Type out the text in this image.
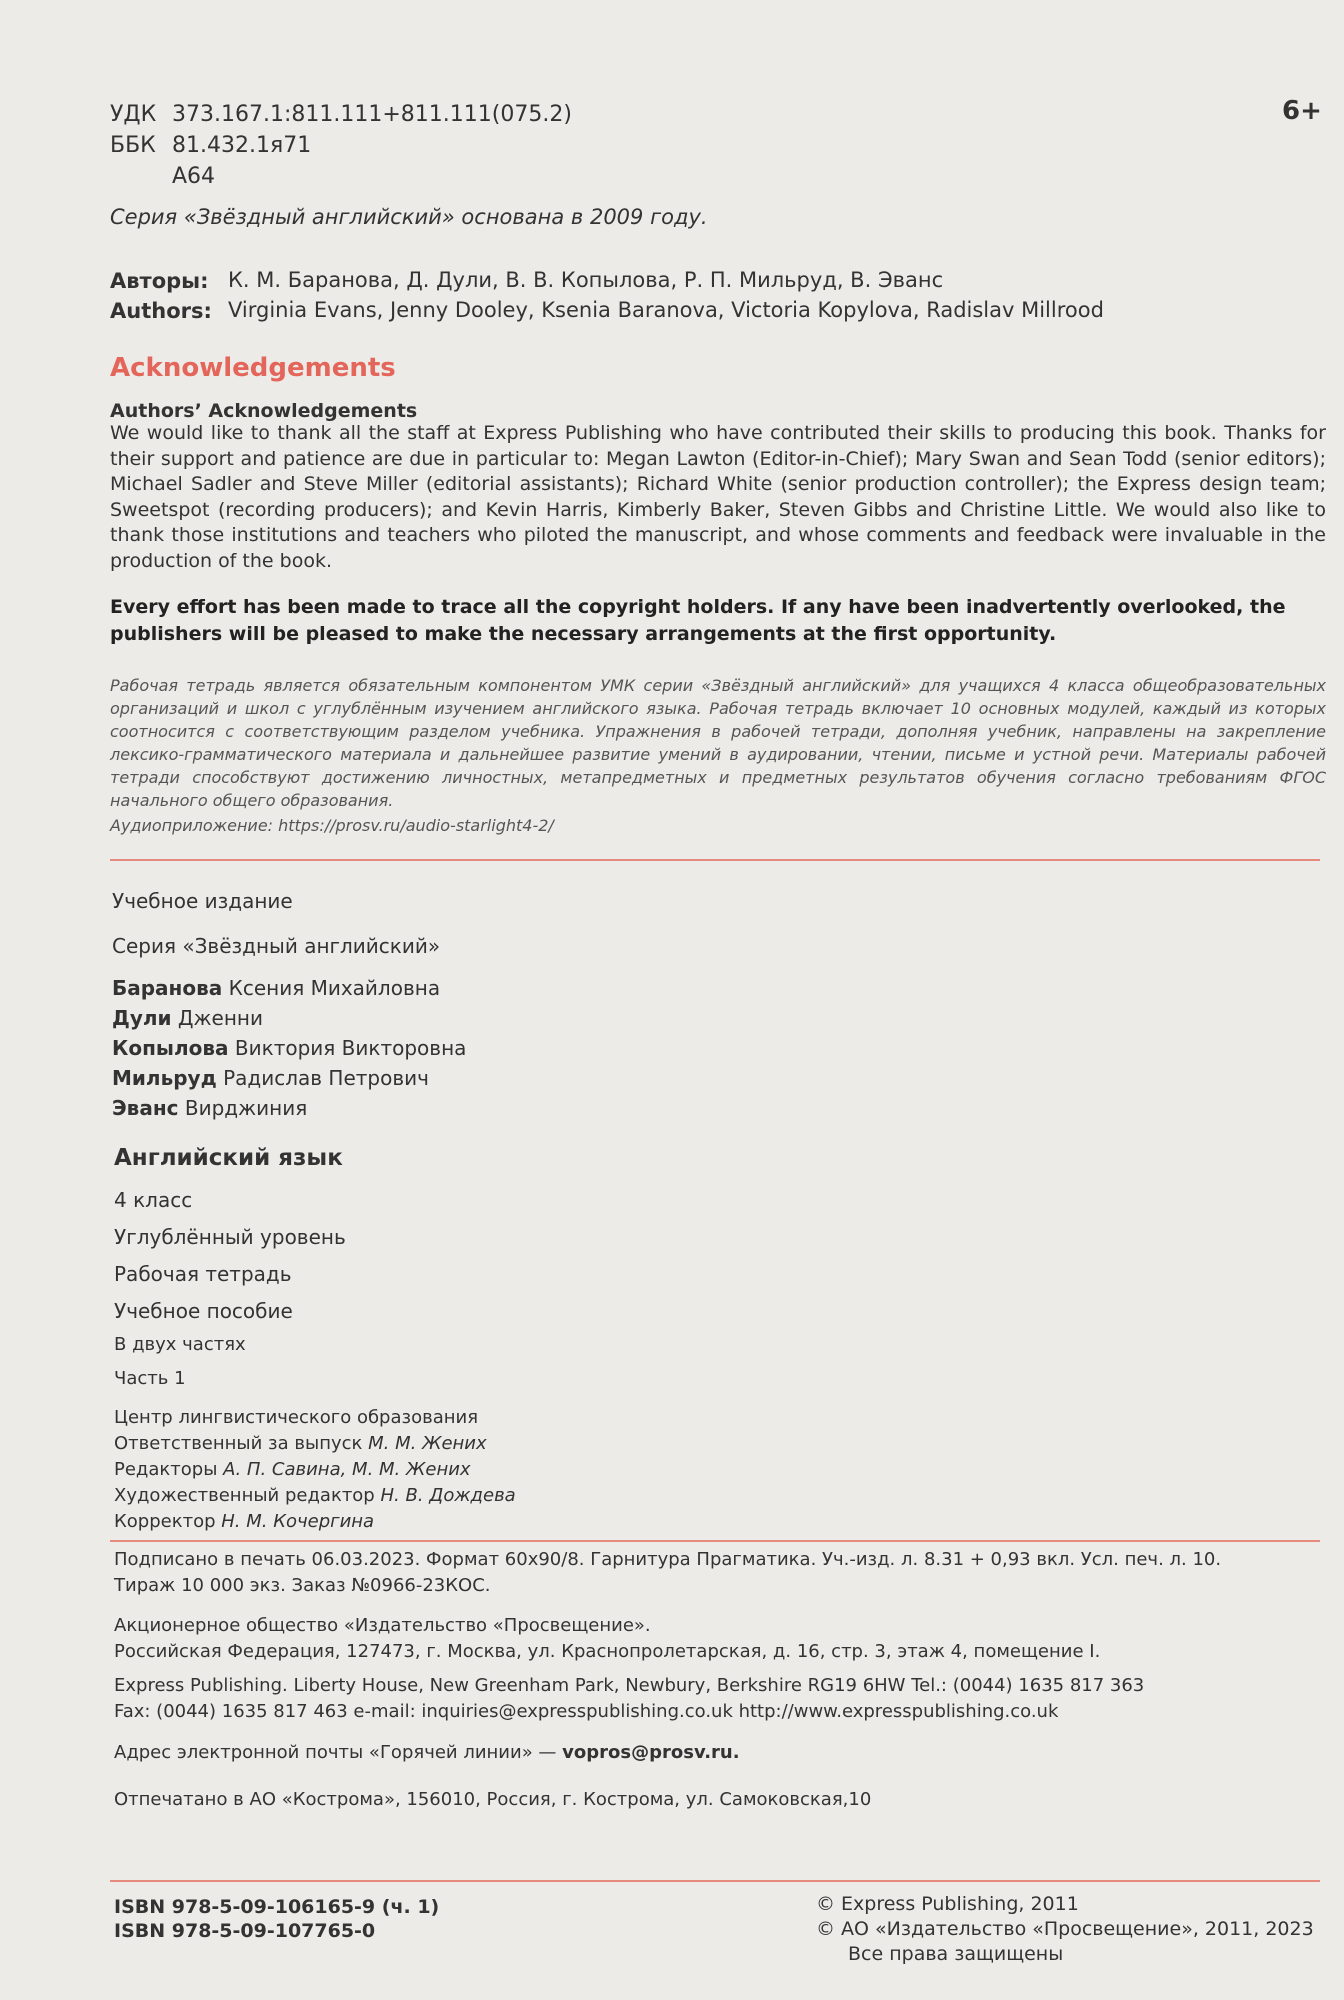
6+
УДК 373.167.1:811.111+811.111(075.2)
ББК 81.432.1я71
А64
Серия «Звёздный английский» основана в 2009 году.
Авторы: К. М. Баранова, Д. Дули, В. В. Копылова, Р. П. Мильруд, В. Эванс
Authors: Virginia Evans, Jenny Dooley, Ksenia Baranova, Victoria Kopylova, Radislav Millrood
Acknowledgements
Authors’ Acknowledgements
We would like to thank all the staff at Express Publishing who have contributed their skills to producing this book. Thanks for their support and patience are due in particular to: Megan Lawton (Editor-in-Chief); Mary Swan and Sean Todd (senior editors); Michael Sadler and Steve Miller (editorial assistants); Richard White (senior production controller); the Express design team; Sweetspot (recording producers); and Kevin Harris, Kimberly Baker, Steven Gibbs and Christine Little. We would also like to thank those institutions and teachers who piloted the manuscript, and whose comments and feedback were invaluable in the production of the book.
Every effort has been made to trace all the copyright holders. If any have been inadvertently overlooked, the publishers will be pleased to make the necessary arrangements at the first opportunity.
Рабочая тетрадь является обязательным компонентом УМК серии «Звёздный английский» для учащихся 4 класса общеобразовательных организаций и школ с углублённым изучением английского языка. Рабочая тетрадь включает 10 основных модулей, каждый из которых соотносится с соответствующим разделом учебника. Упражнения в рабочей тетради, дополняя учебник, направлены на закрепление лексико-грамматического материала и дальнейшее развитие умений в аудировании, чтении, письме и устной речи. Материалы рабочей тетради способствуют достижению личностных, метапредметных и предметных результатов обучения согласно требованиям ФГОС начального общего образования.
Аудиоприложение: https://prosv.ru/audio-starlight4-2/
Учебное издание
Серия «Звёздный английский»
Баранова Ксения Михайловна
Дули Дженни
Копылова Виктория Викторовна
Мильруд Радислав Петрович
Эванс Вирджиния
Английский язык
4 класс
Углублённый уровень
Рабочая тетрадь
Учебное пособие
В двух частях
Часть 1
Центр лингвистического образования
Ответственный за выпуск М. М. Жених
Редакторы А. П. Савина, М. М. Жених
Художественный редактор Н. В. Дождева
Корректор Н. М. Кочергина
Подписано в печать 06.03.2023. Формат 60х90/8. Гарнитура Прагматика. Уч.-изд. л. 8.31 + 0,93 вкл. Усл. печ. л. 10.
Тираж 10 000 экз. Заказ №0966-23КОС.
Акционерное общество «Издательство «Просвещение».
Российская Федерация, 127473, г. Москва, ул. Краснопролетарская, д. 16, стр. 3, этаж 4, помещение I.
Express Publishing. Liberty House, New Greenham Park, Newbury, Berkshire RG19 6HW Tel.: (0044) 1635 817 363
Fax: (0044) 1635 817 463 e-mail: inquiries@expresspublishing.co.uk http://www.expresspublishing.co.uk
Адрес электронной почты «Горячей линии» — vopros@prosv.ru.
Отпечатано в АО «Кострома», 156010, Россия, г. Кострома, ул. Самоковская,10
ISBN 978-5-09-106165-9 (ч. 1)
ISBN 978-5-09-107765-0
© Express Publishing, 2011
© АО «Издательство «Просвещение», 2011, 2023
Все права защищены
